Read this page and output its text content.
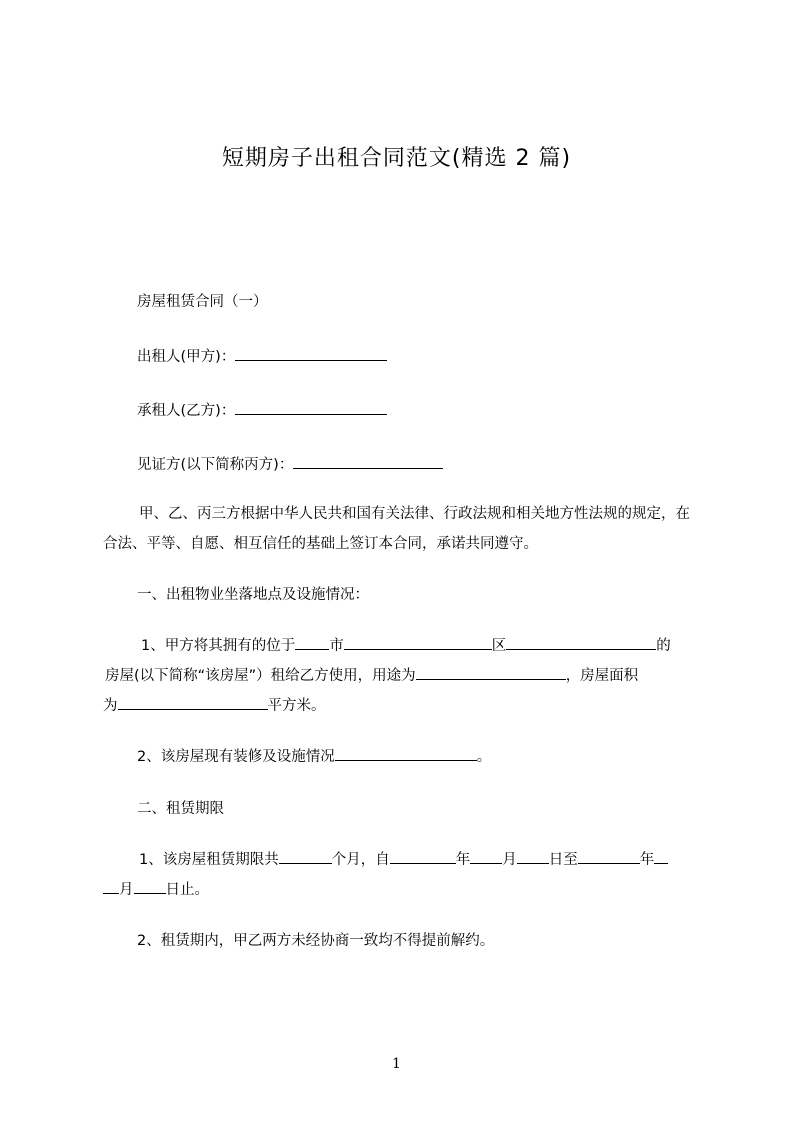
短期房子出租合同范文(精选 2 篇)
房屋租赁合同（一）
出租人(甲方)：
承租人(乙方)：
见证方(以下简称丙方)：
甲、乙、丙三方根据中华人民共和国有关法律、行政法规和相关地方性法规的规定，在合法、平等、自愿、相互信任的基础上签订本合同，承诺共同遵守。
一、出租物业坐落地点及设施情况：
1、甲方将其拥有的位于 市	区	的
房屋(以下简称“该房屋”）租给乙方使用，用途为	，房屋面积
为	平方米。
2、该房屋现有装修及设施情况	。
二、租赁期限
1、该房屋租赁期限共	个月，自	年 月 日至	年
月 日止。
2、租赁期内，甲乙两方未经协商一致均不得提前解约。
1
